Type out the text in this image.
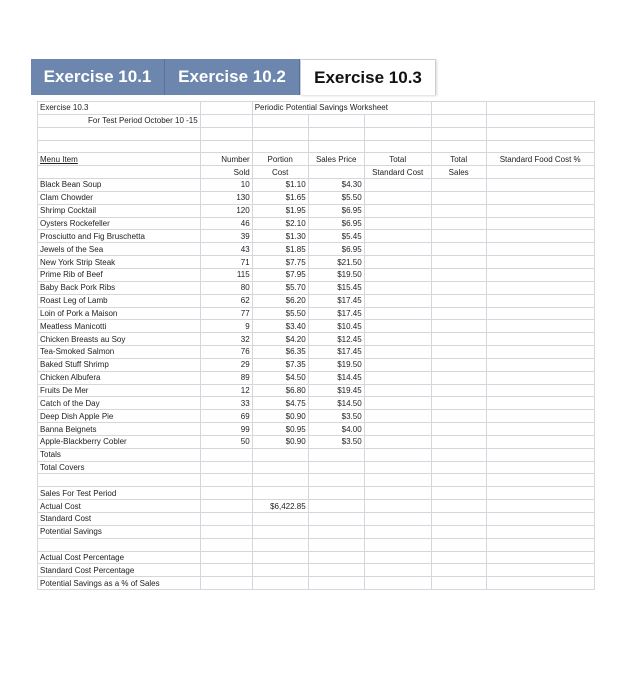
Exercise 10.1	Exercise 10.2	Exercise 10.3
Exercise 10.3		Periodic Potential Savings Worksheet				
For Test Period October 10 -15						

Menu Item	Number	Portion	Sales Price	Total	Total	Standard Food Cost %
	Sold	Cost		Standard Cost	Sales	
Black Bean Soup	10	$1.10	$4.30			
Clam Chowder	130	$1.65	$5.50			
Shrimp Cocktail	120	$1.95	$6.95			
Oysters Rockefeller	46	$2.10	$6.95			
Prosciutto and Fig Bruschetta	39	$1.30	$5.45			
Jewels of the Sea	43	$1.85	$6.95			
New York Strip Steak	71	$7.75	$21.50			
Prime Rib of Beef	115	$7.95	$19.50			
Baby Back Pork Ribs	80	$5.70	$15.45			
Roast Leg of Lamb	62	$6.20	$17.45			
Loin of Pork a Maison	77	$5.50	$17.45			
Meatless Manicotti	9	$3.40	$10.45			
Chicken Breasts au Soy	32	$4.20	$12.45			
Tea-Smoked Salmon	76	$6.35	$17.45			
Baked Stuff Shrimp	29	$7.35	$19.50			
Chicken Albufera	89	$4.50	$14.45			
Fruits De Mer	12	$6.80	$19.45			
Catch of the Day	33	$4.75	$14.50			
Deep Dish Apple Pie	69	$0.90	$3.50			
Banna Beignets	99	$0.95	$4.00			
Apple-Blackberry Cobler	50	$0.90	$3.50			
Totals						
Total Covers						

Sales For Test Period						
Actual Cost		$6,422.85				
Standard Cost						
Potential Savings						

Actual Cost Percentage						
Standard Cost Percentage						
Potential Savings as a % of Sales						
